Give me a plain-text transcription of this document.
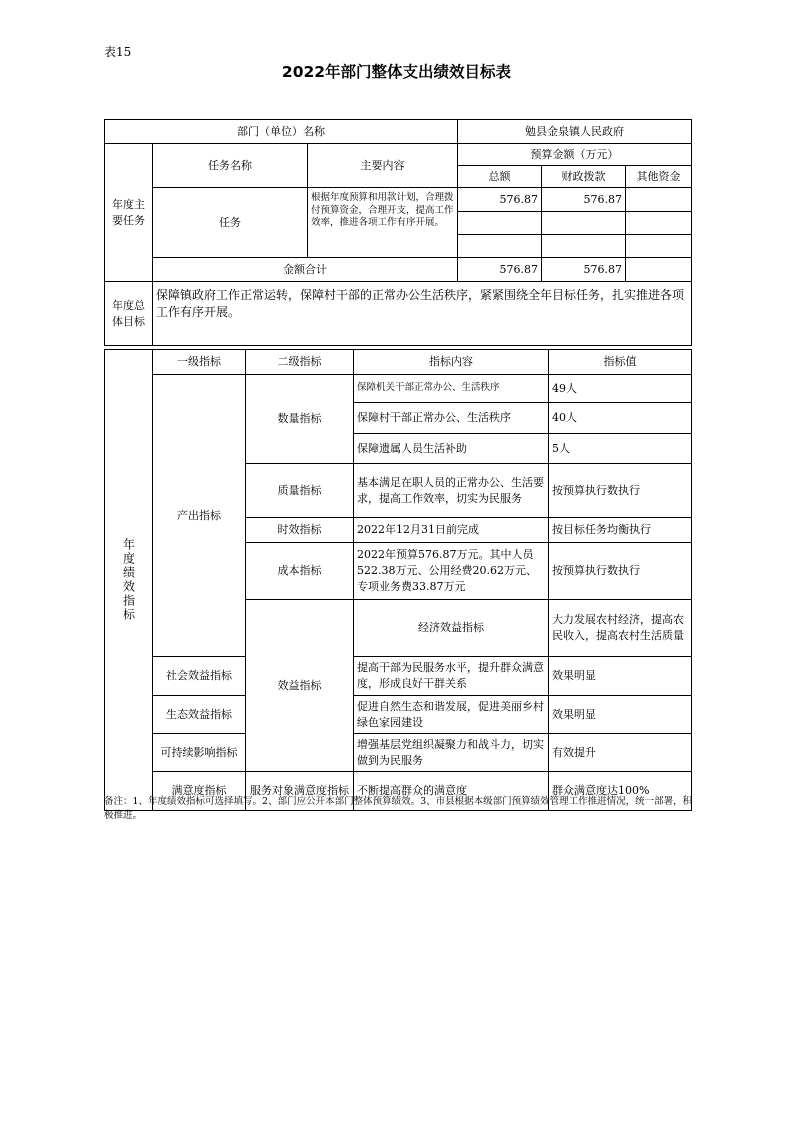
表15
2022年部门整体支出绩效目标表
部门（单位）名称			勉县金泉镇人民政府		
年度主要任务	任务名称	主要内容	预算金额（万元）		
			总额	财政拨款	其他资金
	任务	根据年度预算和用款计划，合理拨付预算资金，合理开支，提高工作效率，推进各项工作有序开展。	576.87	576.87	

	金额合计		576.87	576.87	
年度总体目标	保障镇政府工作正常运转，保障村干部的正常办公生活秩序，紧紧围绕全年目标任务，扎实推进各项工作有序开展。				
年度绩效指标	一级指标	二级指标	指标内容	指标值	
	产出指标	数量指标	保障机关干部正常办公、生活秩序	49人	
			保障村干部正常办公、生活秩序	40人	
			保障遗属人员生活补助	5人	
		质量指标	基本满足在职人员的正常办公、生活要求，提高工作效率，切实为民服务	按预算执行数执行	
		时效指标	2022年12月31日前完成	按目标任务均衡执行	
		成本指标	2022年预算576.87万元。其中人员522.38万元、公用经费20.62万元、专项业务费33.87万元	按预算执行数执行	
		效益指标	经济效益指标	大力发展农村经济，提高农民收入，提高农村生活质量	
	社会效益指标		提高干部为民服务水平，提升群众满意度，形成良好干群关系	效果明显	
	生态效益指标		促进自然生态和谐发展，促进美丽乡村绿色家园建设	效果明显	
	可持续影响指标		增强基层党组织凝聚力和战斗力，切实做到为民服务	有效提升	
	满意度指标	服务对象满意度指标	不断提高群众的满意度	群众满意度达100%	
备注：1、年度绩效指标可选择填写。2、部门应公开本部门整体预算绩效。3、市县根据本级部门预算绩效管理工作推进情况，统一部署，积极推进。
